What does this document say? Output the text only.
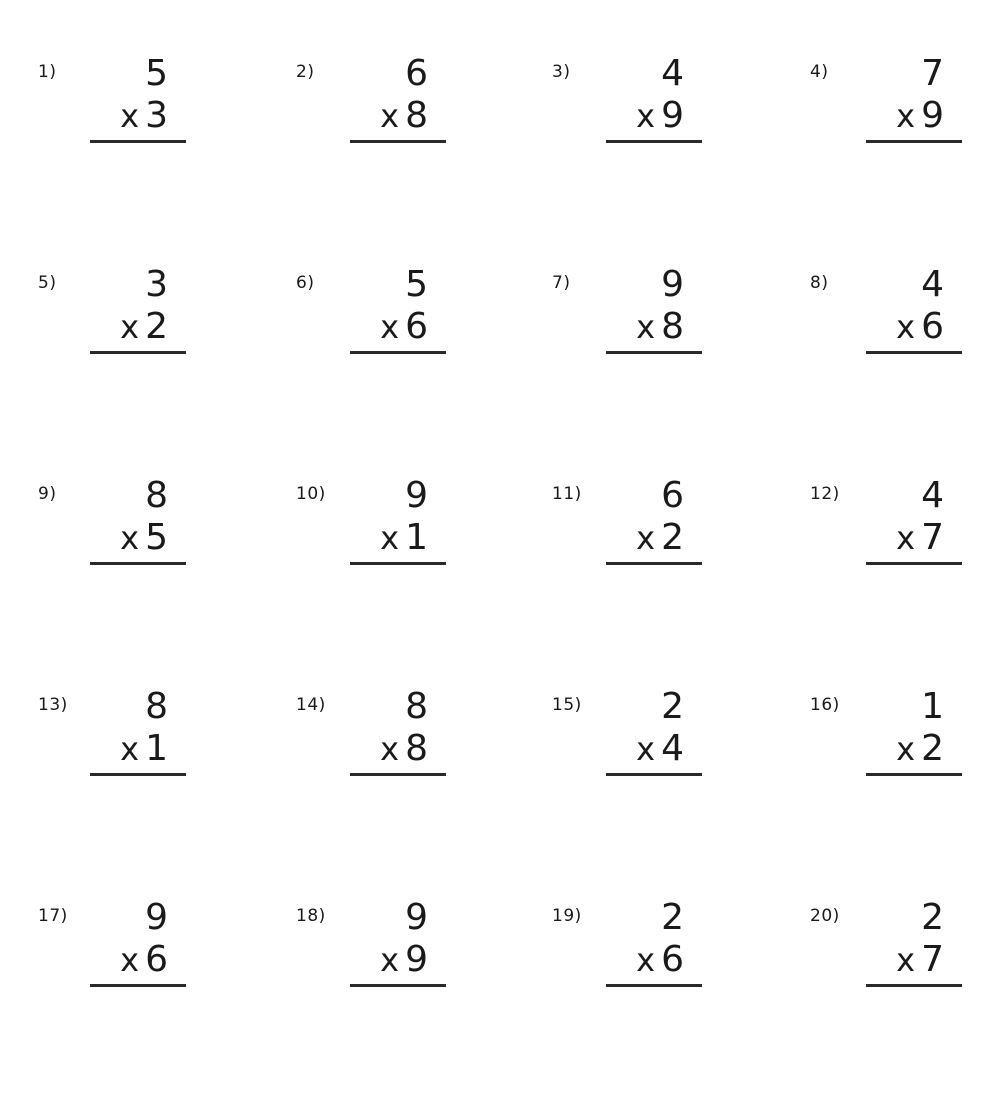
1)	5
x 3
2)	6
x 8
3)	4
x 9
4)	7
x 9
5)	3
x 2
6)	5
x 6
7)	9
x 8
8)	4
x 6
9)	8
x 5
10)	9
x 1
11)	6
x 2
12)	4
x 7
13)	8
x 1
14)	8
x 8
15)	2
x 4
16)	1
x 2
17)	9
x 6
18)	9
x 9
19)	2
x 6
20)	2
x 7
